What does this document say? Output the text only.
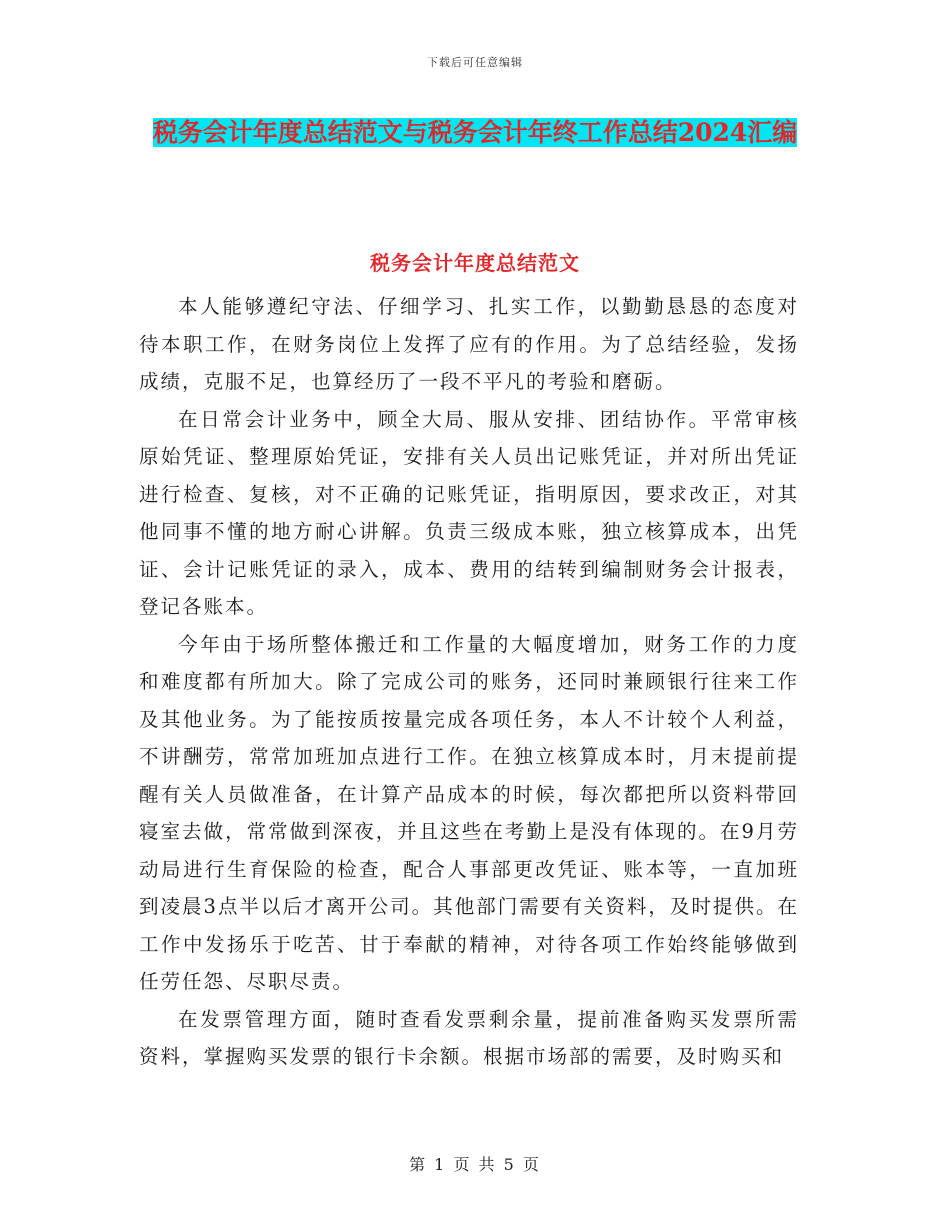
下载后可任意编辑
税务会计年度总结范文与税务会计年终工作总结2024汇编
税务会计年度总结范文

本人能够遵纪守法、仔细学习、扎实工作，以勤勤恳恳的态度对待本职工作，在财务岗位上发挥了应有的作用。为了总结经验，发扬成绩，克服不足，也算经历了一段不平凡的考验和磨砺。

在日常会计业务中，顾全大局、服从安排、团结协作。平常审核原始凭证、整理原始凭证，安排有关人员出记账凭证，并对所出凭证进行检查、复核，对不正确的记账凭证，指明原因，要求改正，对其他同事不懂的地方耐心讲解。负责三级成本账，独立核算成本，出凭证、会计记账凭证的录入，成本、费用的结转到编制财务会计报表，登记各账本。

今年由于场所整体搬迁和工作量的大幅度增加，财务工作的力度和难度都有所加大。除了完成公司的账务，还同时兼顾银行往来工作及其他业务。为了能按质按量完成各项任务，本人不计较个人利益，不讲酬劳，常常加班加点进行工作。在独立核算成本时，月末提前提醒有关人员做准备，在计算产品成本的时候，每次都把所以资料带回寝室去做，常常做到深夜，并且这些在考勤上是没有体现的。在9月劳动局进行生育保险的检查，配合人事部更改凭证、账本等，一直加班到凌晨3点半以后才离开公司。其他部门需要有关资料，及时提供。在工作中发扬乐于吃苦、甘于奉献的精神，对待各项工作始终能够做到任劳任怨、尽职尽责。

在发票管理方面，随时查看发票剩余量，提前准备购买发票所需资料，掌握购买发票的银行卡余额。根据市场部的需要，及时购买和

第 1 页 共 5 页
